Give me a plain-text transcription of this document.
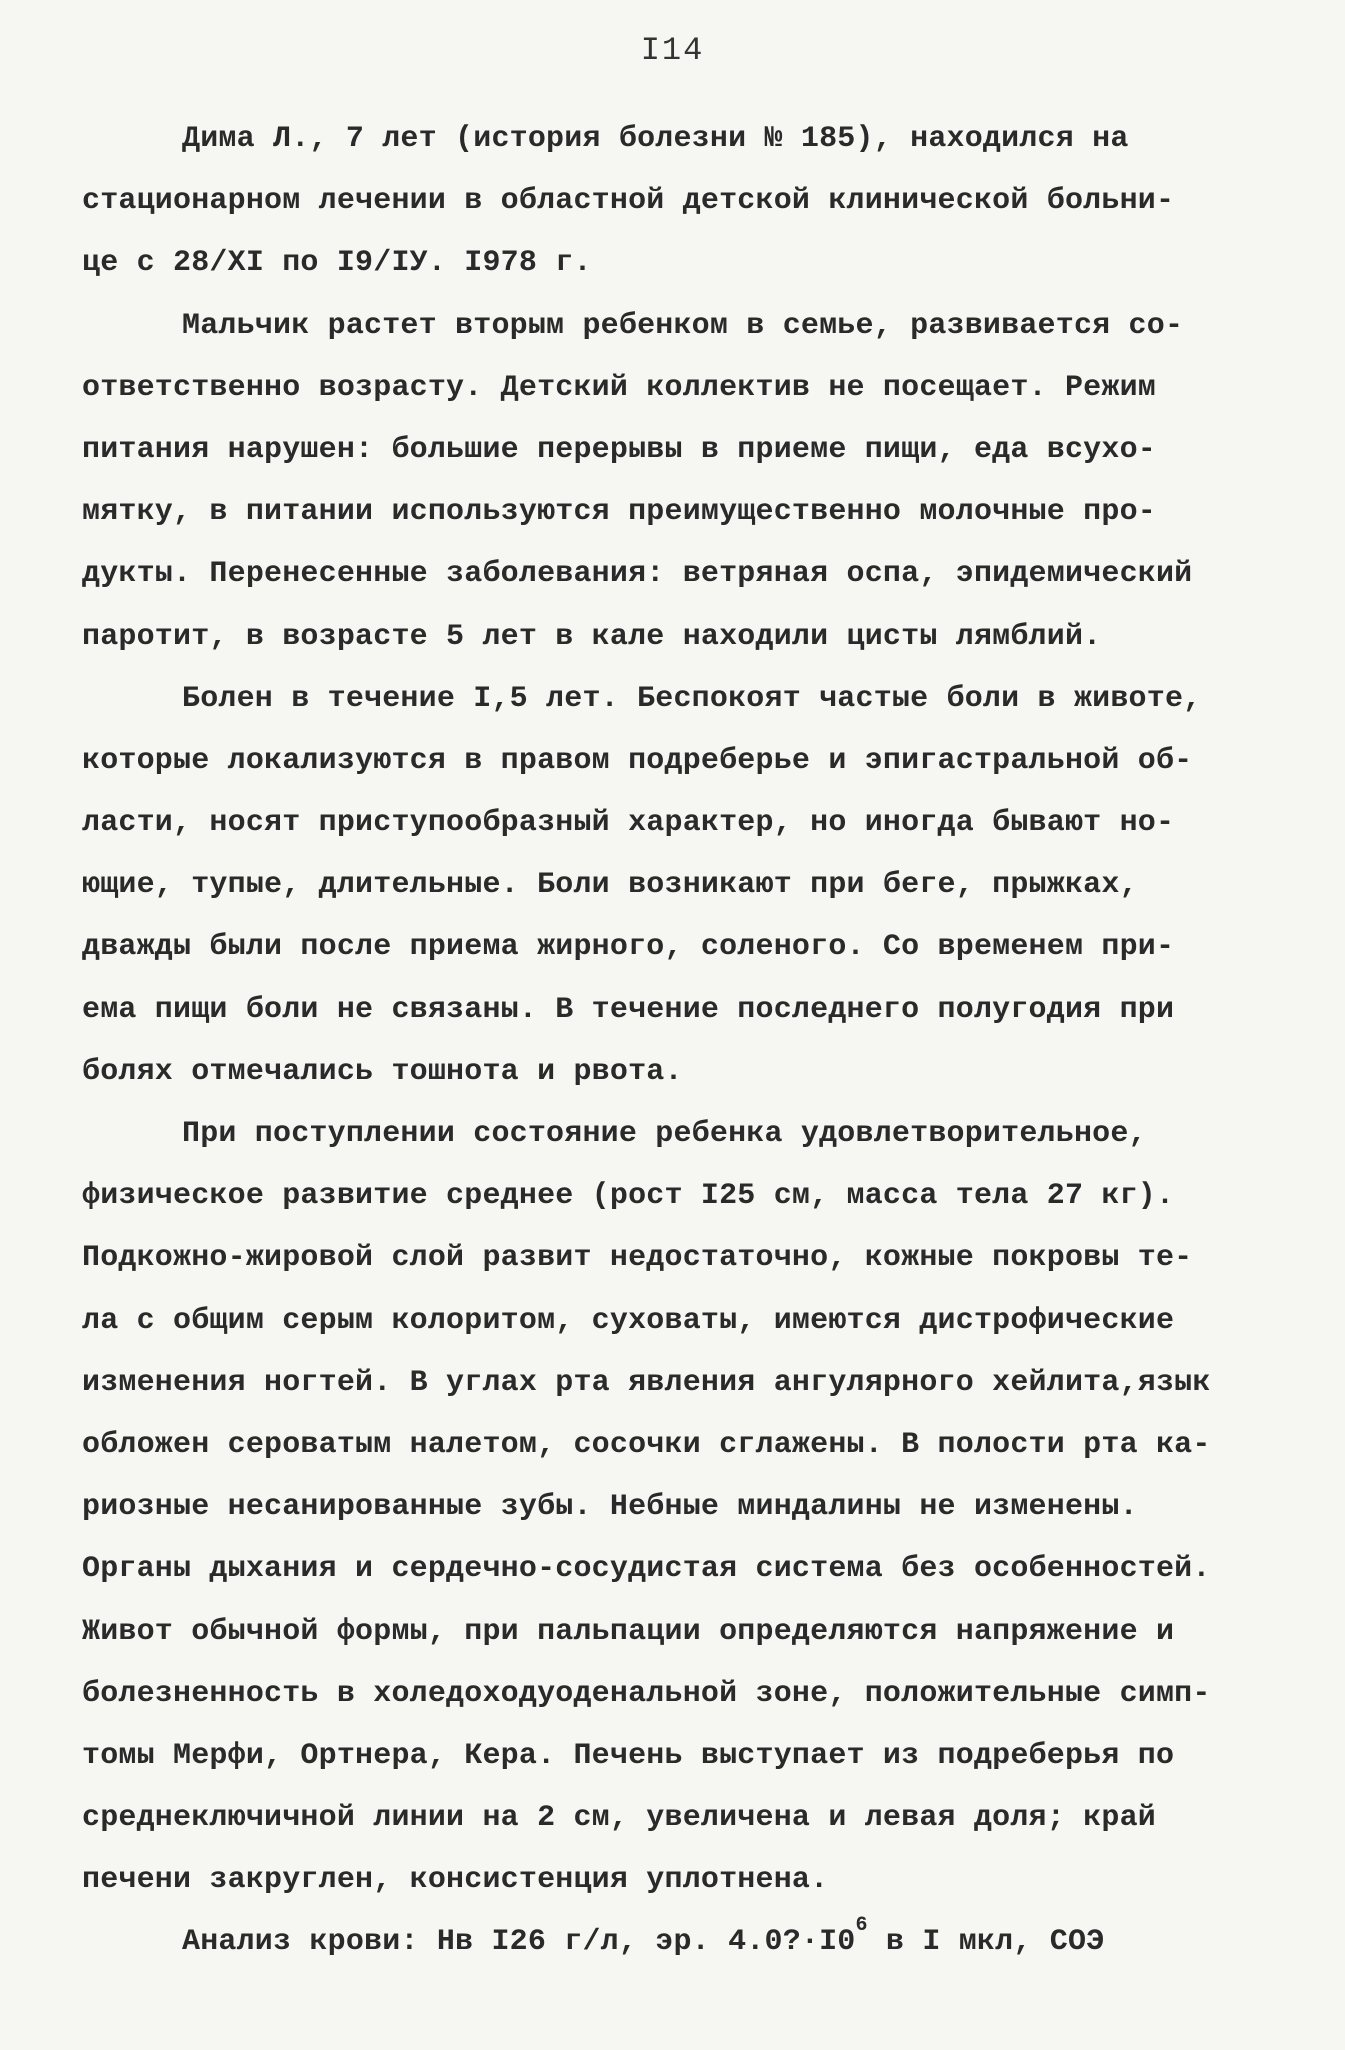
I14

Дима Л., 7 лет (история болезни № 185), находился на
стационарном лечении в областной детской клинической больни-
це с 28/XI по I9/IУ. I978 г.

Мальчик растет вторым ребенком в семье, развивается со-
ответственно возрасту. Детский коллектив не посещает. Режим
питания нарушен: большие перерывы в приеме пищи, еда всухо-
мятку, в питании используются преимущественно молочные про-
дукты. Перенесенные заболевания: ветряная оспа, эпидемический
паротит, в возрасте 5 лет в кале находили цисты лямблий.

Болен в течение I,5 лет. Беспокоят частые боли в животе,
которые локализуются в правом подреберье и эпигастральной об-
ласти, носят приступообразный характер, но иногда бывают но-
ющие, тупые, длительные. Боли возникают при беге, прыжках,
дважды были после приема жирного, соленого. Со временем при-
ема пищи боли не связаны. В течение последнего полугодия при
болях отмечались тошнота и рвота.

При поступлении состояние ребенка удовлетворительное,
физическое развитие среднее (рост I25 см, масса тела 27 кг).
Подкожно-жировой слой развит недостаточно, кожные покровы те-
ла с общим серым колоритом, суховаты, имеются дистрофические
изменения ногтей. В углах рта явления ангулярного хейлита,язык
обложен сероватым налетом, сосочки сглажены. В полости рта ка-
риозные несанированные зубы. Небные миндалины не изменены.
Органы дыхания и сердечно-сосудистая система без особенностей.
Живот обычной формы, при пальпации определяются напряжение и
болезненность в холедоходуоденальной зоне, положительные симп-
томы Мерфи, Ортнера, Кера. Печень выступает из подреберья по
среднеключичной линии на 2 см, увеличена и левая доля; край
печени закруглен, консистенция уплотнена.

Анализ крови: Нв I26 г/л, эр. $4.0?\cdot I0^6$ в I мкл, СОЭ
